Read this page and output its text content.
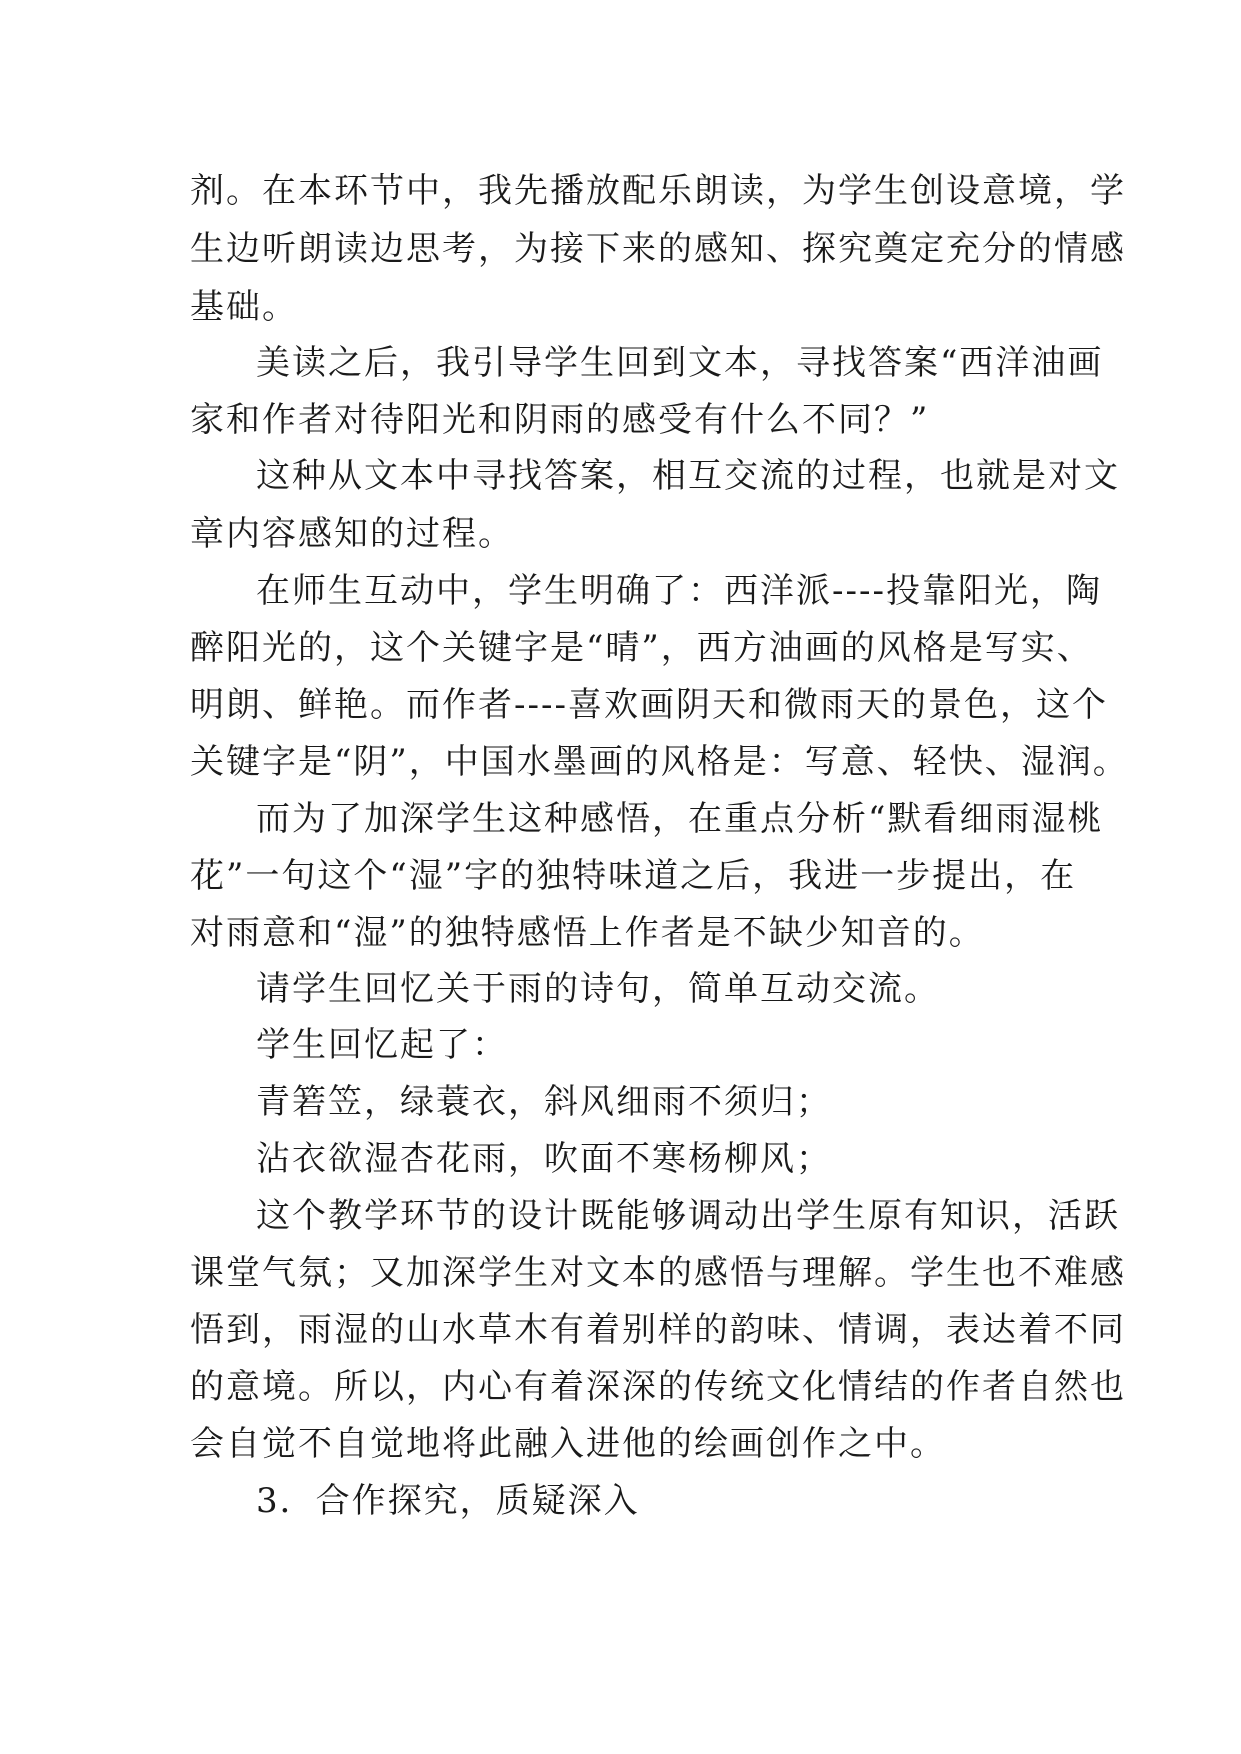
剂。在本环节中，我先播放配乐朗读，为学生创设意境，学
生边听朗读边思考，为接下来的感知、探究奠定充分的情感
基础。
美读之后，我引导学生回到文本，寻找答案“西洋油画
家和作者对待阳光和阴雨的感受有什么不同？”
这种从文本中寻找答案，相互交流的过程，也就是对文
章内容感知的过程。
在师生互动中，学生明确了：西洋派----投靠阳光，陶
醉阳光的，这个关键字是“晴”，西方油画的风格是写实、
明朗、鲜艳。而作者----喜欢画阴天和微雨天的景色，这个
关键字是“阴”，中国水墨画的风格是：写意、轻快、湿润。
而为了加深学生这种感悟，在重点分析“默看细雨湿桃
花”一句这个“湿”字的独特味道之后，我进一步提出，在
对雨意和“湿”的独特感悟上作者是不缺少知音的。
请学生回忆关于雨的诗句，简单互动交流。
学生回忆起了：
青箬笠，绿蓑衣，斜风细雨不须归；
沾衣欲湿杏花雨，吹面不寒杨柳风；
这个教学环节的设计既能够调动出学生原有知识，活跃
课堂气氛；又加深学生对文本的感悟与理解。学生也不难感
悟到，雨湿的山水草木有着别样的韵味、情调，表达着不同
的意境。所以，内心有着深深的传统文化情结的作者自然也
会自觉不自觉地将此融入进他的绘画创作之中。
3．合作探究，质疑深入
